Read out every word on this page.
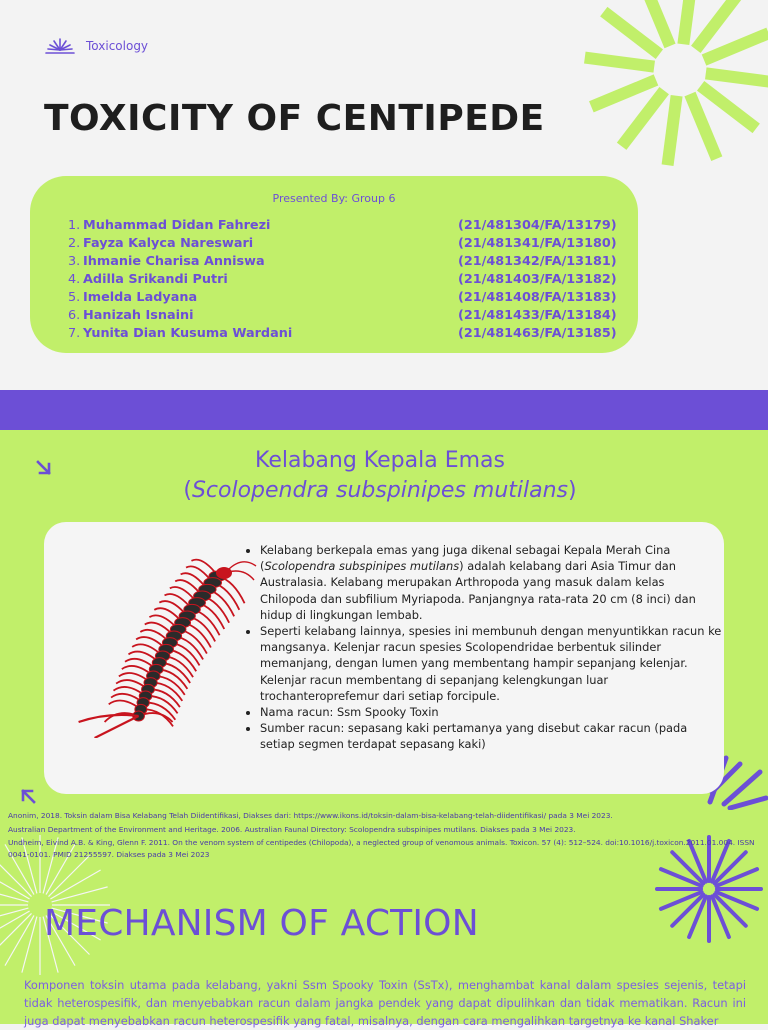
Toxicology
TOXICITY OF CENTIPEDE
Presented By: Group 6
1. Muhammad Didan Fahrezi	(21/481304/FA/13179)
2. Fayza Kalyca Nareswari	(21/481341/FA/13180)
3. Ihmanie Charisa Anniswa	(21/481342/FA/13181)
4. Adilla Srikandi Putri	(21/481403/FA/13182)
5. Imelda Ladyana	(21/481408/FA/13183)
6. Hanizah Isnaini	(21/481433/FA/13184)
7. Yunita Dian Kusuma Wardani	(21/481463/FA/13185)
Kelabang Kepala Emas
(Scolopendra subspinipes mutilans)
• Kelabang berkepala emas yang juga dikenal sebagai Kepala Merah Cina (Scolopendra subspinipes mutilans) adalah kelabang dari Asia Timur dan Australasia. Kelabang merupakan Arthropoda yang masuk dalam kelas Chilopoda dan subfilium Myriapoda. Panjangnya rata-rata 20 cm (8 inci) dan hidup di lingkungan lembab.
• Seperti kelabang lainnya, spesies ini membunuh dengan menyuntikkan racun ke mangsanya. Kelenjar racun spesies Scolopendridae berbentuk silinder memanjang, dengan lumen yang membentang hampir sepanjang kelenjar. Kelenjar racun membentang di sepanjang kelengkungan luar trochanteroprefemur dari setiap forcipule.
• Nama racun: Ssm Spooky Toxin
• Sumber racun: sepasang kaki pertamanya yang disebut cakar racun (pada setiap segmen terdapat sepasang kaki)

Anonim, 2018. Toksin dalam Bisa Kelabang Telah Diidentifikasi, Diakses dari: https://www.ikons.id/toksin-dalam-bisa-kelabang-telah-diidentifikasi/ pada 3 Mei 2023.

Australian Department of the Environment and Heritage. 2006. Australian Faunal Directory: Scolopendra subspinipes mutilans. Diakses pada 3 Mei 2023.

Undheim, Eivind A.B. & King, Glenn F. 2011. On the venom system of centipedes (Chilopoda), a neglected group of venomous animals. Toxicon. 57 (4): 512–524. doi:10.1016/j.toxicon.2011.01.004. ISSN 0041-0101. PMID 21255597. Diakses pada 3 Mei 2023

MECHANISM OF ACTION
Komponen toksin utama pada kelabang, yakni Ssm Spooky Toxin (SsTx), menghambat kanal dalam spesies sejenis, tetapi tidak heterospesifik, dan menyebabkan racun dalam jangka pendek yang dapat dipulihkan dan tidak mematikan. Racun ini juga dapat menyebabkan racun heterospesifik yang fatal, misalnya, dengan cara mengalihkan targetnya ke kanal Shaker
